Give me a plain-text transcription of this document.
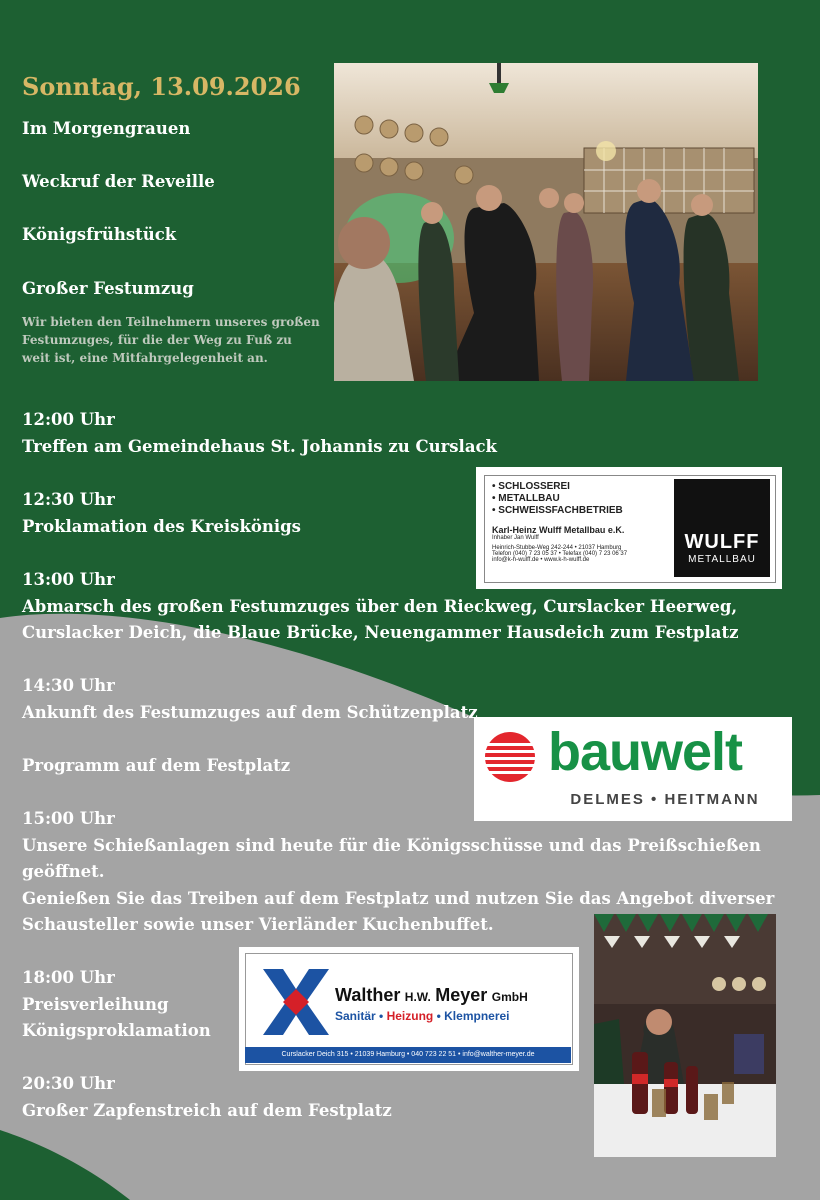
Sonntag, 13.09.2026
Im Morgengrauen
Weckruf der Reveille
Königsfrühstück
Großer Festumzug
Wir bieten den Teilnehmern unseres großen Festumzuges, für die der Weg zu Fuß zu weit ist, eine Mitfahrgelegenheit an.
12:00 Uhr
Treffen am Gemeindehaus St. Johannis zu Curslack
12:30 Uhr
Proklamation des Kreiskönigs
13:00 Uhr
Abmarsch des großen Festumzuges über den Rieckweg, Curslacker Heerweg,
Curslacker Deich, die Blaue Brücke, Neuengammer Hausdeich zum Festplatz
14:30 Uhr
Ankunft des Festumzuges auf dem Schützenplatz
Programm auf dem Festplatz
15:00 Uhr
Unsere Schießanlagen sind heute für die Königsschüsse und das Preißschießen
geöffnet.
Genießen Sie das Treiben auf dem Festplatz und nutzen Sie das Angebot diverser
Schausteller sowie unser Vierländer Kuchenbuffet.
18:00 Uhr
Preisverleihung
Königsproklamation
20:30 Uhr
Großer Zapfenstreich auf dem Festplatz
• SCHLOSSEREI
• METALLBAU
• SCHWEISSFACHBETRIEB
Karl-Heinz Wulff Metallbau e.K.
Inhaber Jan Wulff
Heinrich-Stubbe-Weg 242-244 • 21037 Hamburg
Telefon (040) 7 23 05 37 • Telefax (040) 7 23 06 37
info@k-h-wulff.de • www.k-h-wulff.de
WULFF
METALLBAU
bauwelt
DELMES • HEITMANN
Walther H.W. Meyer GmbH
Sanitär • Heizung • Klempnerei
Curslacker Deich 315 • 21039 Hamburg • 040 723 22 51 • info@walther-meyer.de
